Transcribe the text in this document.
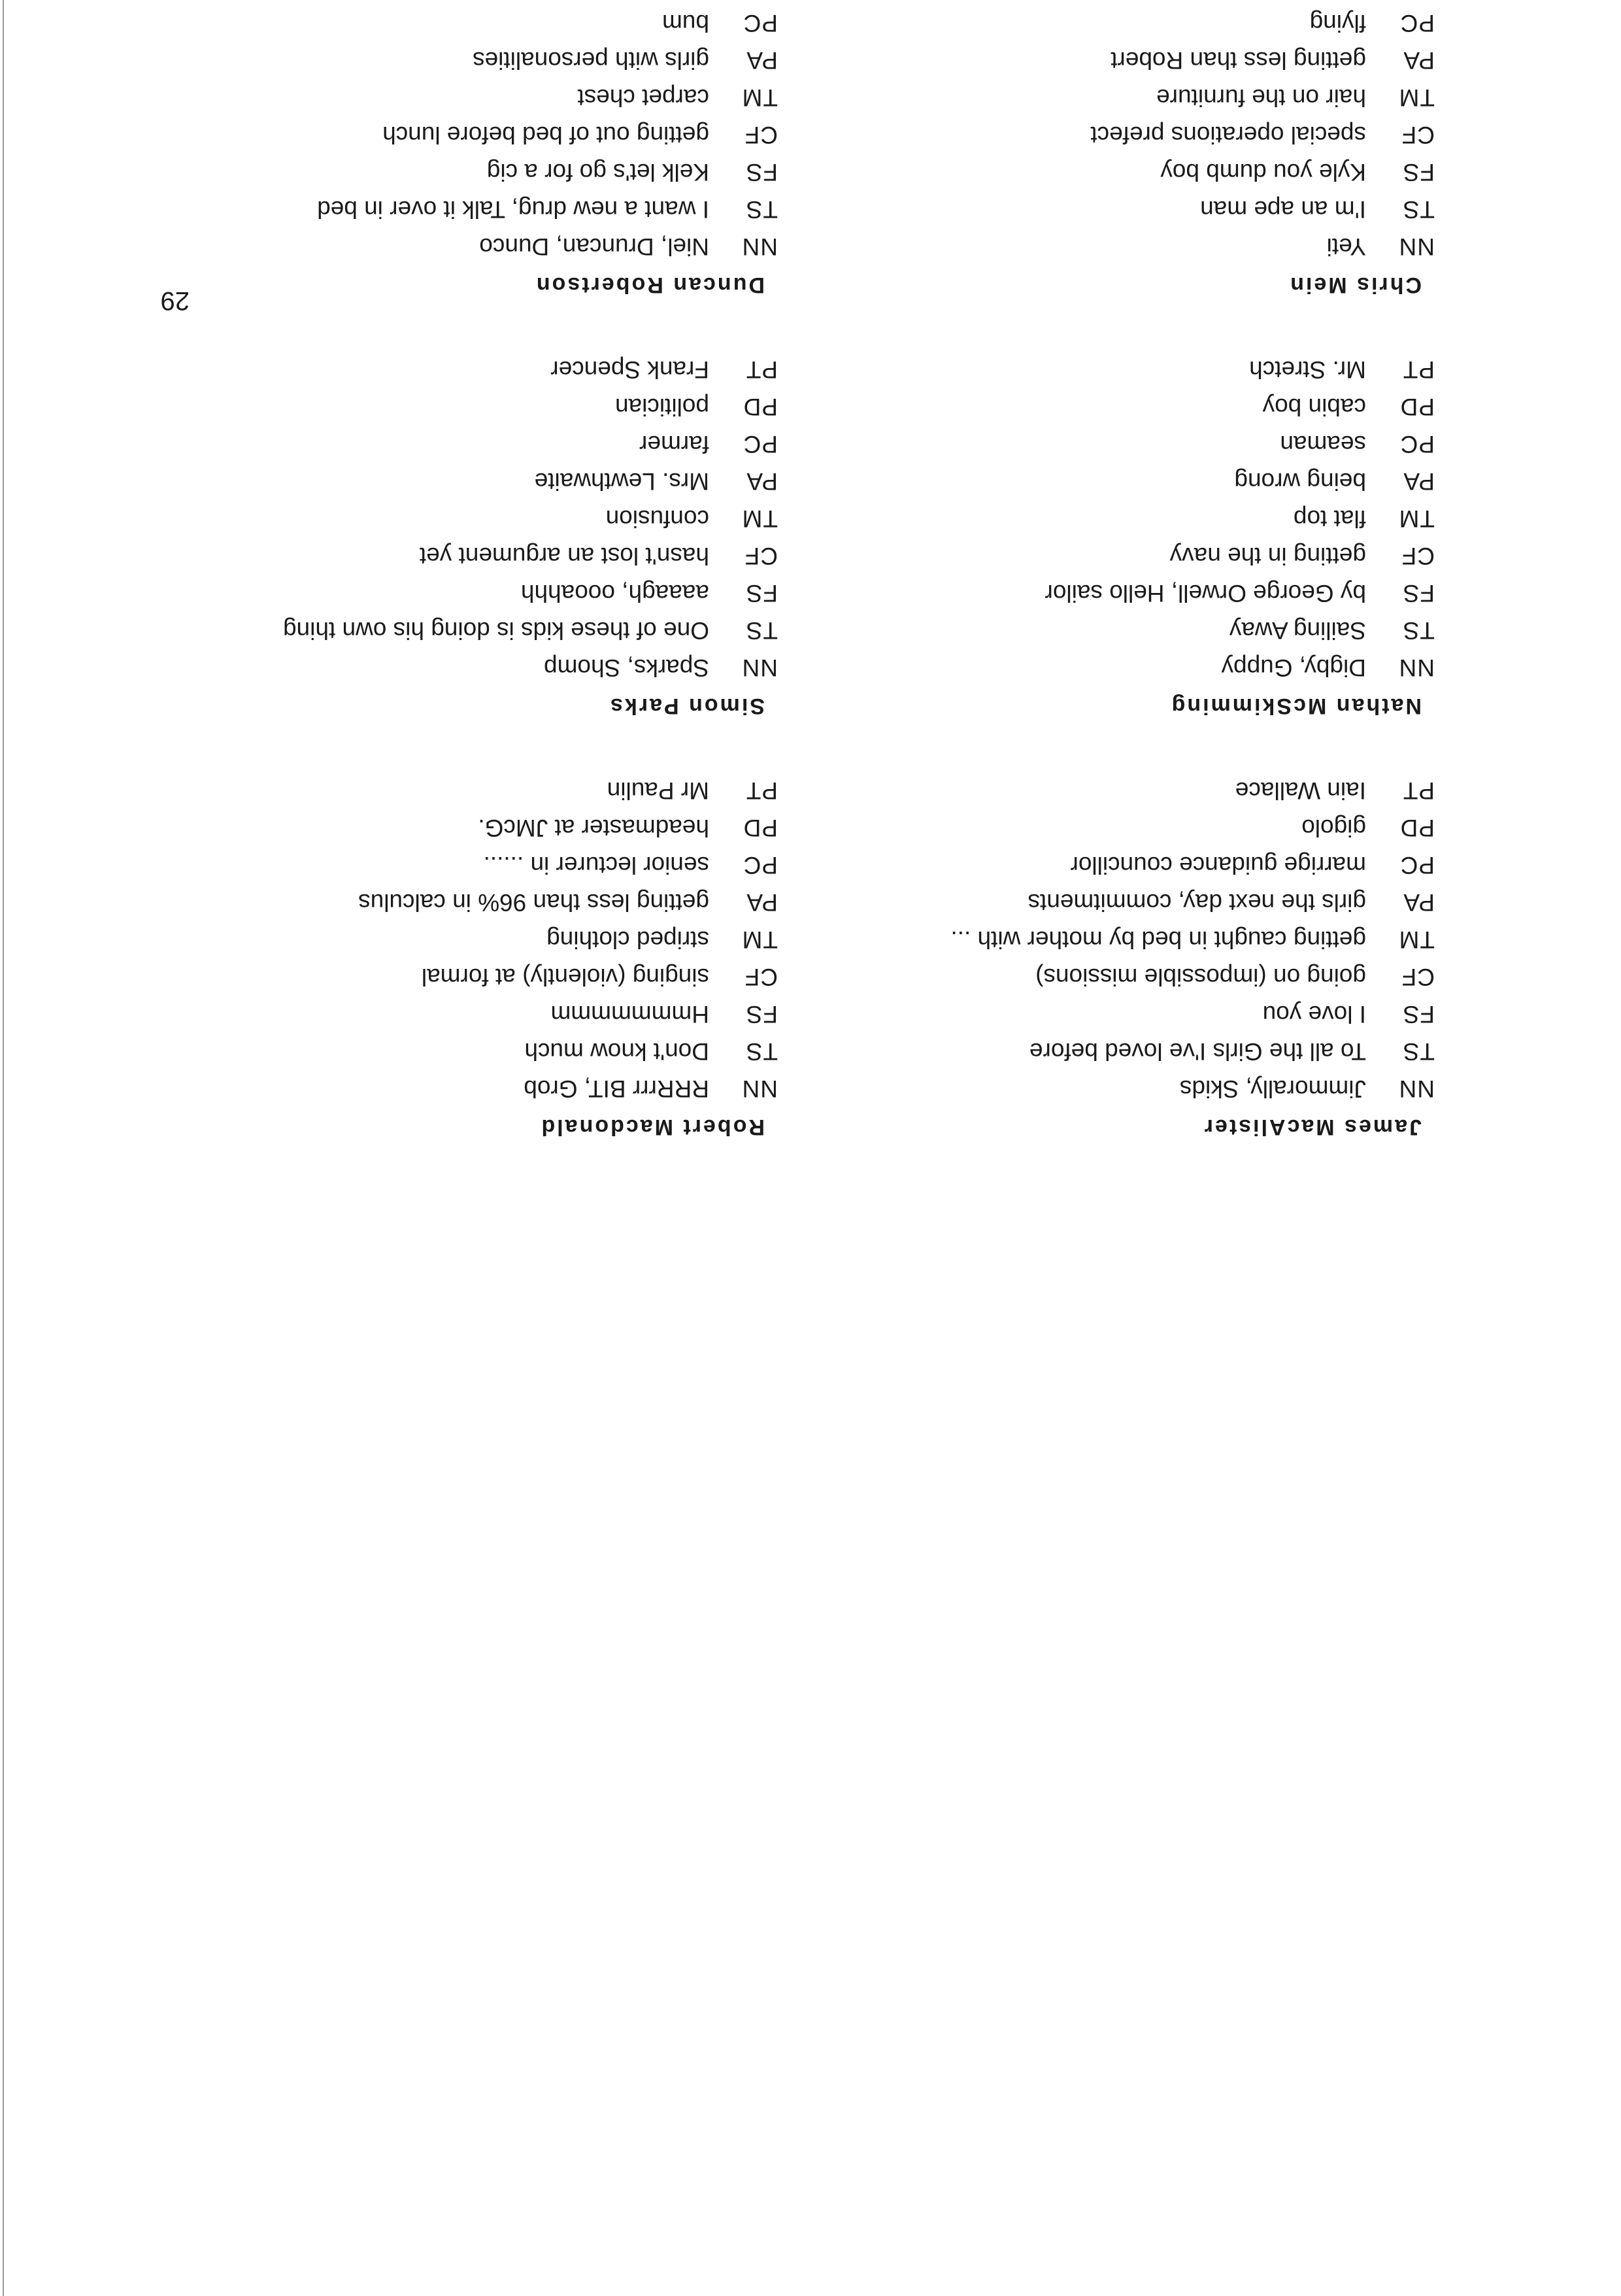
29
James MacAlister
NN
Jimmorally, Skids
TS
To all the Girls I've loved before
FS
I love you
CF
going on (impossible missions)
TM
getting caught in bed by mother with ...
PA
girls the next day, commitments
PC
marrige guidance councillor
PD
gigolo
PT
Iain Wallace
Nathan McSkimming
NN
Digby, Guppy
TS
Sailing Away
FS
by George Orwell, Hello sailor
CF
getting in the navy
TM
flat top
PA
being wrong
PC
seaman
PD
cabin boy
PT
Mr. Stretch
Chris Mein
NN
Yeti
TS
I'm an ape man
FS
Kyle you dumb boy
CF
special operations prefect
TM
hair on the furniture
PA
getting less than Robert
PC
flying
Robert Macdonald
NN
RRRrrr BIT, Grob
TS
Don't know much
FS
Hmmmmmmm
CF
singing (violently) at formal
TM
striped clothing
PA
getting less than 96% in calculus
PC
senior lecturer in ......
PD
headmaster at JMcG.
PT
Mr Paulin
Simon Parks
NN
Sparks, Shomp
TS
One of these kids is doing his own thing
FS
aaaagh, oooahhh
CF
hasn't lost an argument yet
TM
confusion
PA
Mrs. Lewthwaite
PC
farmer
PD
politician
PT
Frank Spencer
Duncan Robertson
NN
Niel, Druncan, Dunco
TS
I want a new drug, Talk it over in bed
FS
Kelk let's go for a cig
CF
getting out of bed before lunch
TM
carpet chest
PA
girls with personalities
PC
bum
